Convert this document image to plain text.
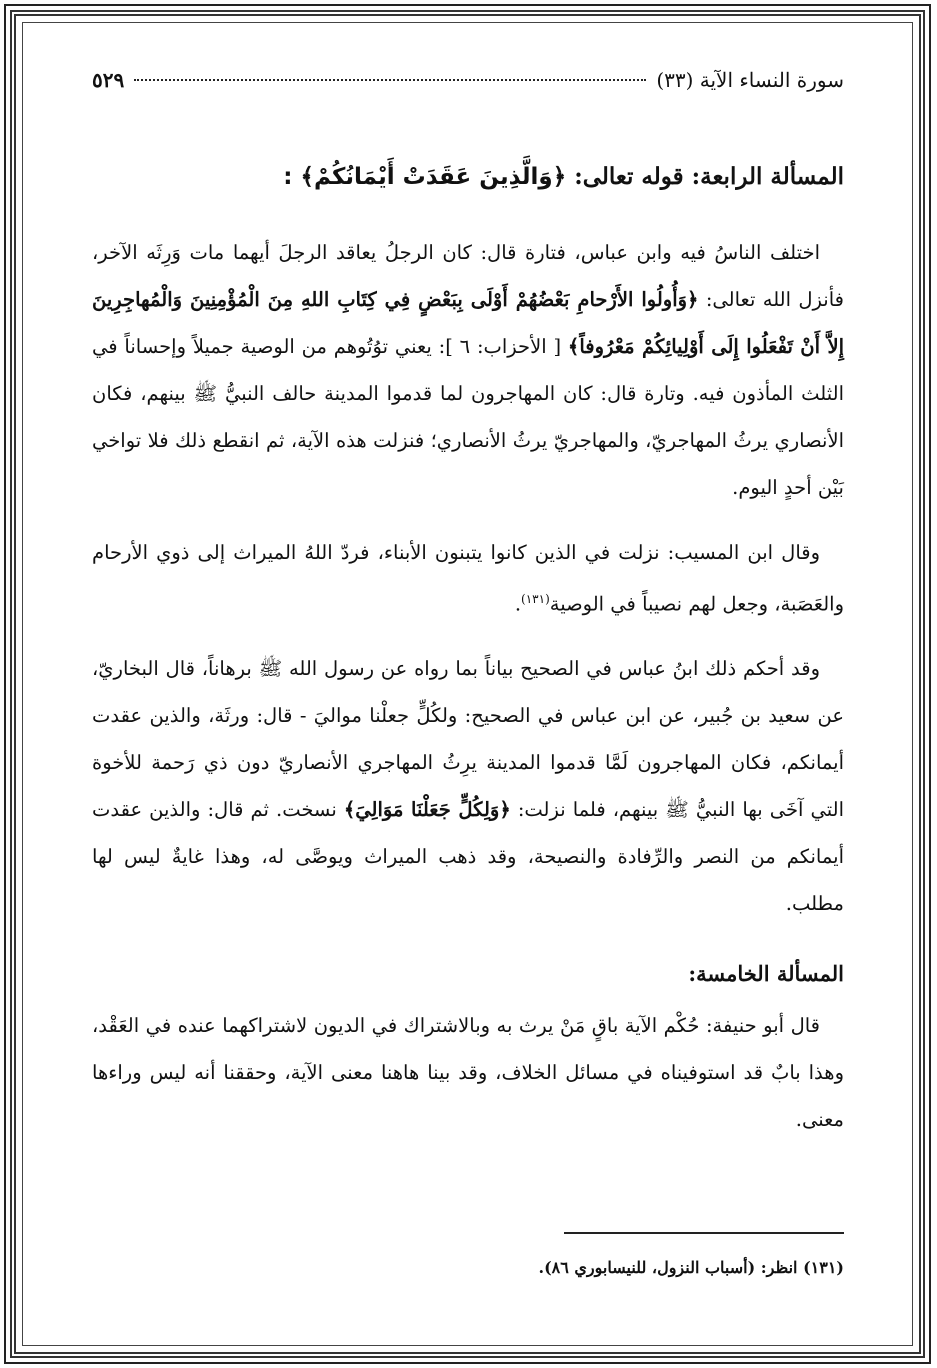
سورة النساء الآية (٣٣)
٥٢٩
المسألة الرابعة: قوله تعالى: ﴿وَالَّذِينَ عَقَدَتْ أَيْمَانُكُمْ﴾ :

اختلف الناسُ فيه وابن عباس، فتارة قال: كان الرجلُ يعاقد الرجلَ أيهما مات وَرِثَه الآخر، فأنزل الله تعالى: ﴿وَأُولُوا الأَرْحامِ بَعْضُهُمْ أَوْلَى بِبَعْضٍ فِي كِتَابِ اللهِ مِنَ الْمُؤْمِنِينَ وَالْمُهاجِرِينَ إِلاَّ أَنْ تَفْعَلُوا إِلَى أَوْلِيائِكُمْ مَعْرُوفاً﴾ [ الأحزاب: ٦ ]: يعني توُتُوهم من الوصية جميلاً وإحساناً في الثلث المأذون فيه. وتارة قال: كان المهاجرون لما قدموا المدينة حالف النبيُّ ﷺ بينهم، فكان الأنصاري يرثُ المهاجريّ، والمهاجريّ يرثُ الأنصاري؛ فنزلت هذه الآية، ثم انقطع ذلك فلا تواخي بَيْن أحدٍ اليوم.

وقال ابن المسيب: نزلت في الذين كانوا يتبنون الأبناء، فردّ اللهُ الميراث إلى ذوي الأرحام والعَصَبة، وجعل لهم نصيباً في الوصية$^{(١٣١)}$.

وقد أحكم ذلك ابنُ عباس في الصحيح بياناً بما رواه عن رسول الله ﷺ برهاناً، قال البخاريّ، عن سعيد بن جُبير، عن ابن عباس في الصحيح: ولكُلٍّ جعلْنا مواليَ - قال: ورثَة، والذين عقدت أيمانكم، فكان المهاجرون لَمَّا قدموا المدينة يرِثُ المهاجري الأنصاريّ دون ذي رَحمة للأخوة التي آخَى بها النبيُّ ﷺ بينهم، فلما نزلت: ﴿وَلِكُلٍّ جَعَلْنَا مَوَالِيَ﴾ نسخت. ثم قال: والذين عقدت أيمانكم من النصر والرِّفادة والنصيحة، وقد ذهب الميراث ويوصَّى له، وهذا غايةٌ ليس لها مطلب.

المسألة الخامسة:

قال أبو حنيفة: حُكْم الآية باقٍ مَنْ يرث به وبالاشتراك في الديون لاشتراكهما عنده في العَقْد، وهذا بابٌ قد استوفيناه في مسائل الخلاف، وقد بينا هاهنا معنى الآية، وحققنا أنه ليس وراءها معنى.

(١٣١) انظر: (أسباب النزول، للنيسابوري ٨٦).
